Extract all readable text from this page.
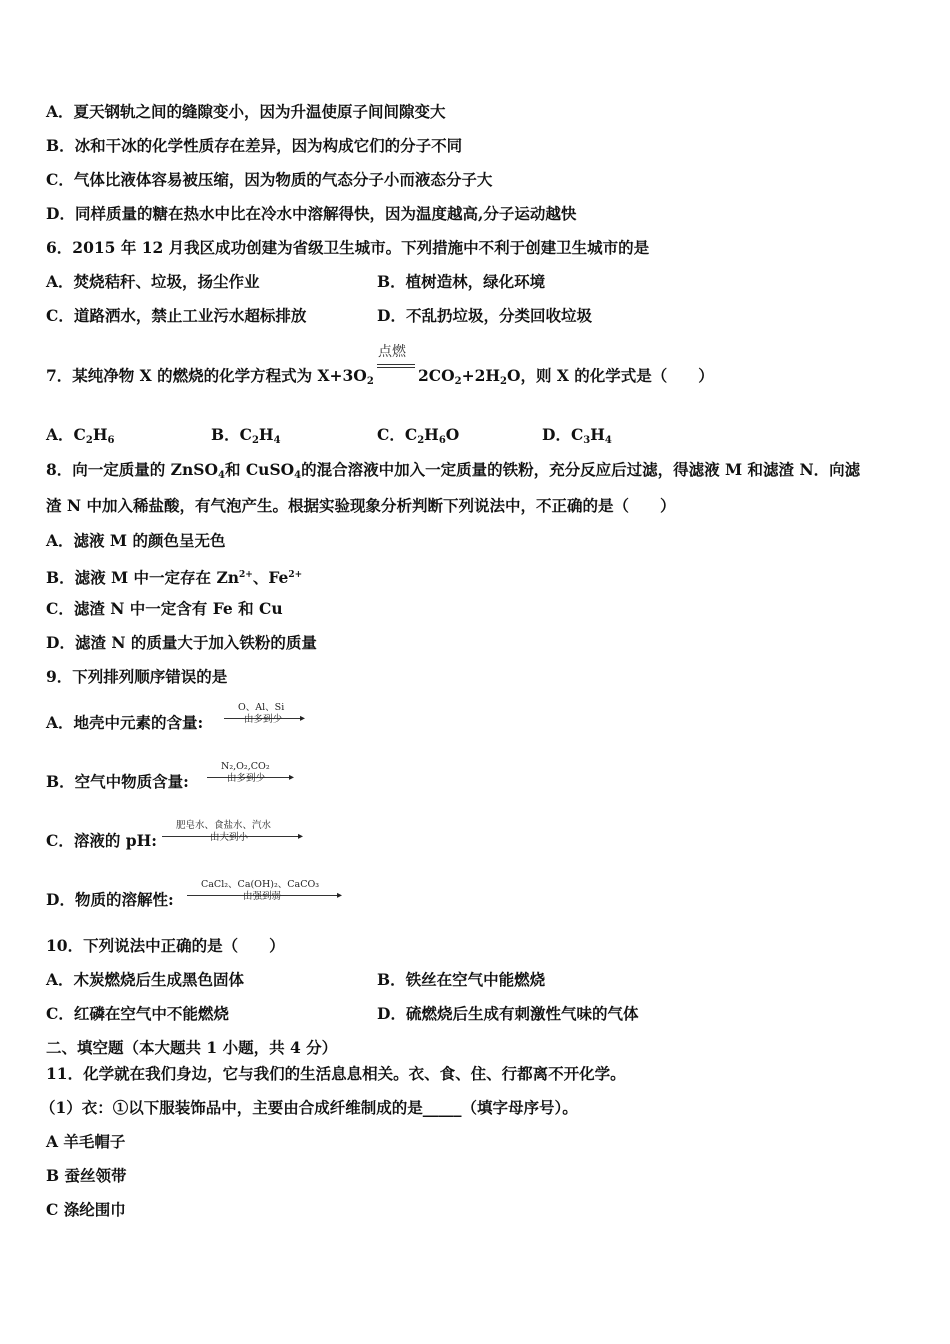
A．夏天钢轨之间的缝隙变小，因为升温使原子间间隙变大
B．冰和干冰的化学性质存在差异，因为构成它们的分子不同
C．气体比液体容易被压缩，因为物质的气态分子小而液态分子大
D．同样质量的糖在热水中比在冷水中溶解得快，因为温度越高,分子运动越快
6．2015 年 12 月我区成功创建为省级卫生城市。下列措施中不利于创建卫生城市的是
A．焚烧秸秆、垃圾，扬尘作业	B．植树造林，绿化环境
C．道路洒水，禁止工业污水超标排放	D．不乱扔垃圾，分类回收垃圾
7．某纯净物 X 的燃烧的化学方程式为 $X+3O_2$
点燃
$2CO_2+2H_2O$，则 X 的化学式是（　　）
A．$C_2H_6$	B．$C_2H_4$	C．$C_2H_6O$	D．$C_3H_4$
8．向一定质量的 ZnSO$_4$和 CuSO$_4$的混合溶液中加入一定质量的铁粉，充分反应后过滤，得滤液 M 和滤渣 N．向滤
渣 N 中加入稀盐酸，有气泡产生。根据实验现象分析判断下列说法中，不正确的是（　　）
A．滤液 M 的颜色呈无色
B．滤液 M 中一定存在 $Zn^{2+}$、$Fe^{2+}$
C．滤渣 N 中一定含有 Fe 和 Cu
D．滤渣 N 的质量大于加入铁粉的质量
9．下列排列顺序错误的是
A．地壳中元素的含量:
O、Al、Si
由多到少 ▸
B．空气中物质含量:
N₂,O₂,CO₂
由多到少 ▸
C．溶液的 pH:
肥皂水、食盐水、汽水
由大到小	▸
D．物质的溶解性:
CaCl₂、Ca(OH)₂、CaCO₃
由强到弱	▸
10．下列说法中正确的是（　　）
A．木炭燃烧后生成黑色固体	B．铁丝在空气中能燃烧
C．红磷在空气中不能燃烧	D．硫燃烧后生成有刺激性气味的气体
二、填空题（本大题共 1 小题，共 4 分）
11．化学就在我们身边，它与我们的生活息息相关。衣、食、住、行都离不开化学。
（1）衣：①以下服装饰品中，主要由合成纤维制成的是_____（填字母序号）。
A 羊毛帽子
B 蚕丝领带
C 涤纶围巾
